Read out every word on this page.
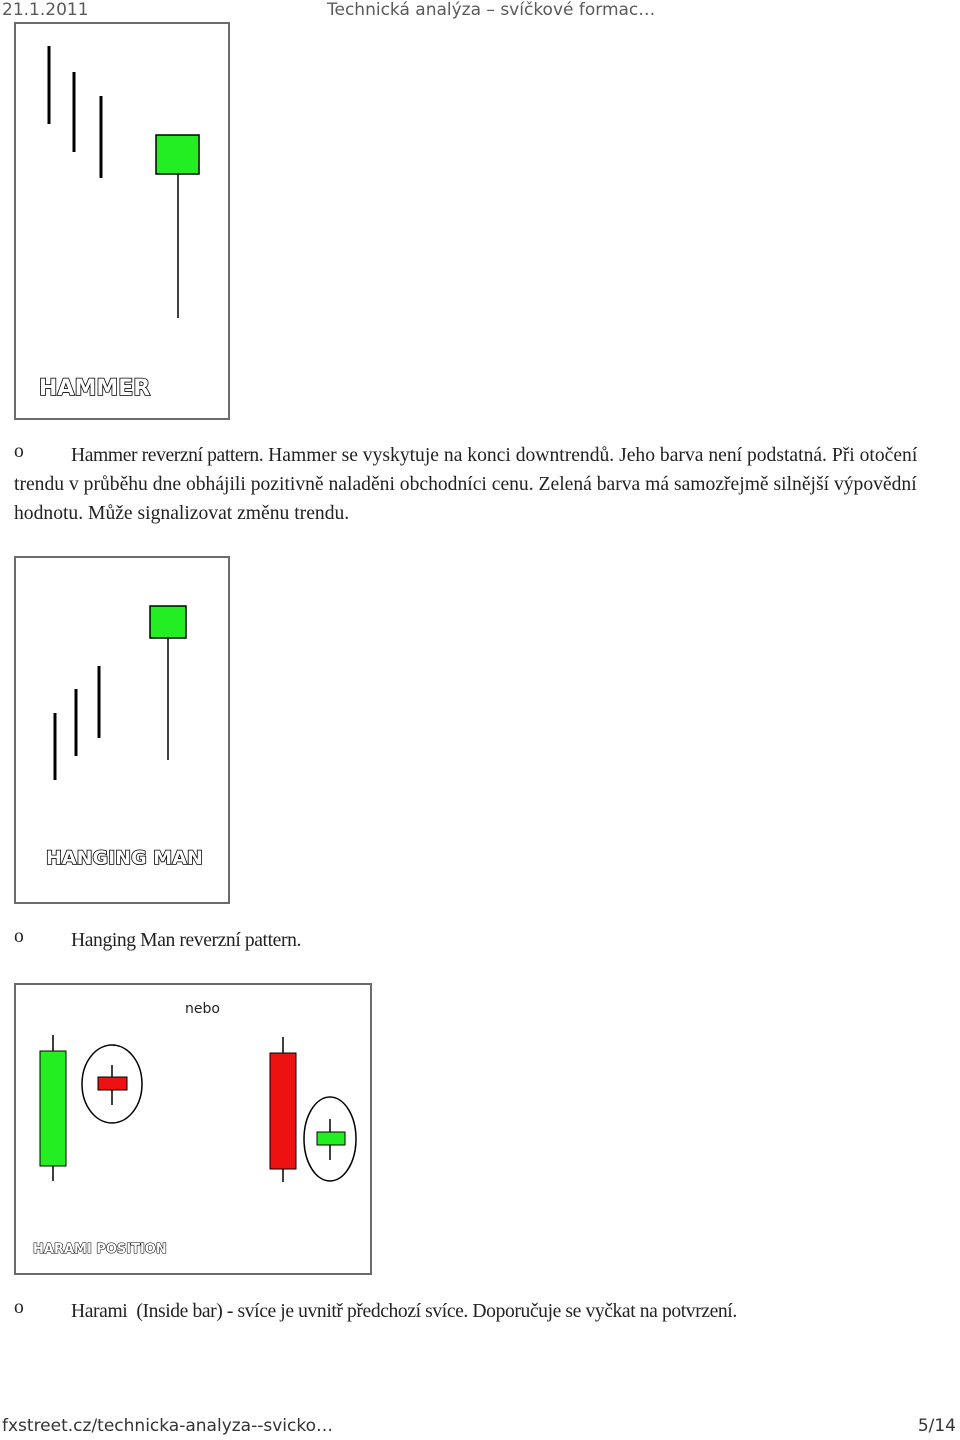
21.1.2011	Technická analýza – svíčkové formac…
HAMMER
o	Hammer reverzní pattern. Hammer se vyskytuje na konci downtrendů. Jeho barva není podstatná. Při otočení trendu v průběhu dne obhájili pozitivně naladěni obchodníci cenu. Zelená barva má samozřejmě silnější výpovědní hodnotu. Může signalizovat změnu trendu.
HANGING MAN
o	Hanging Man reverzní pattern.
nebo
HARAMI POSITION
o	Harami  (Inside bar) - svíce je uvnitř předchozí svíce. Doporučuje se vyčkat na potvrzení.
fxstreet.cz/technicka-analyza--svicko…	5/14
